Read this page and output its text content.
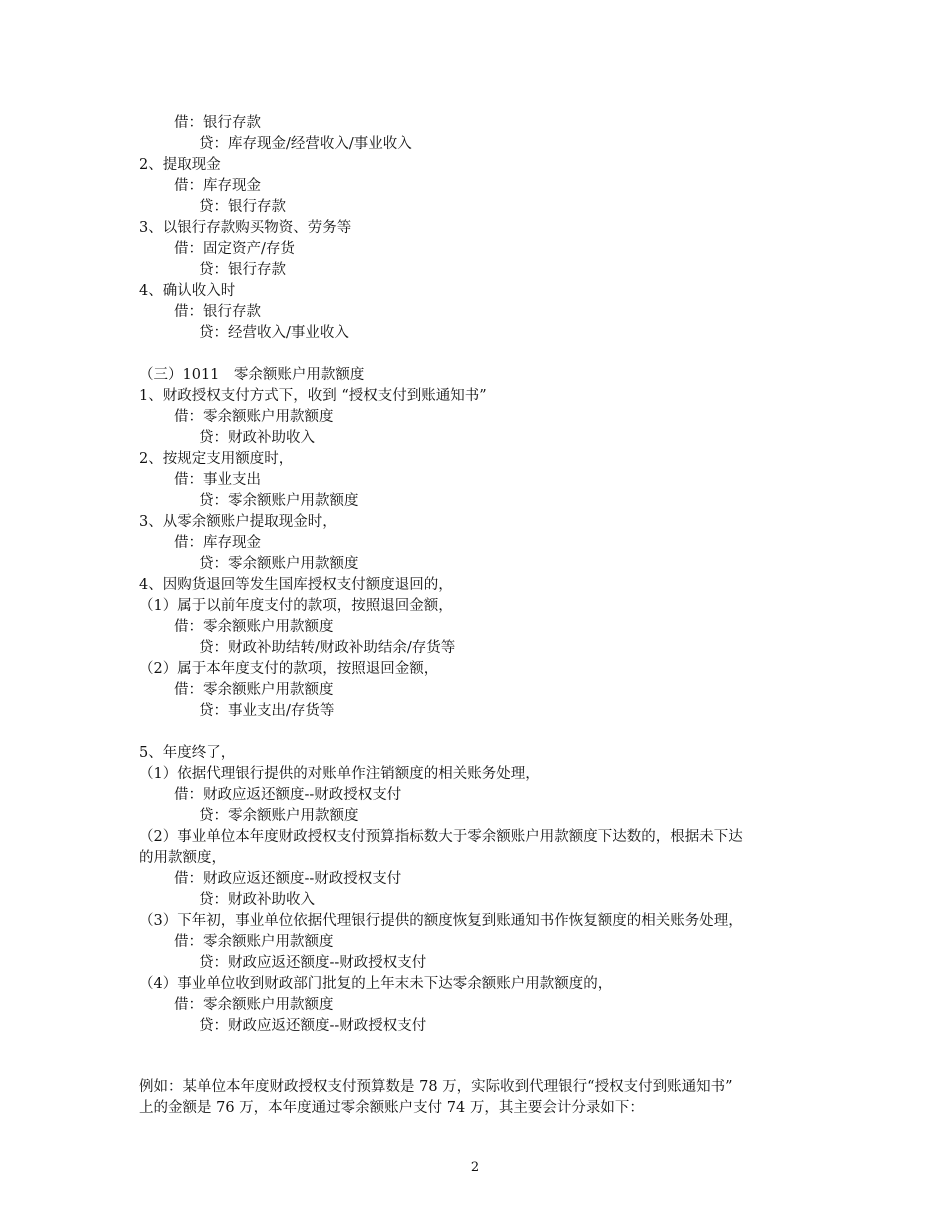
借：银行存款
贷：库存现金/经营收入/事业收入
2、提取现金
借：库存现金
贷：银行存款
3、以银行存款购买物资、劳务等
借：固定资产/存货
贷：银行存款
4、确认收入时
借：银行存款
贷：经营收入/事业收入
（三）1011　零余额账户用款额度
1、财政授权支付方式下，收到 “授权支付到账通知书”
借：零余额账户用款额度
贷：财政补助收入
2、按规定支用额度时，
借：事业支出
贷：零余额账户用款额度
3、从零余额账户提取现金时，
借：库存现金
贷：零余额账户用款额度
4、因购货退回等发生国库授权支付额度退回的，
（1）属于以前年度支付的款项，按照退回金额，
借：零余额账户用款额度
贷：财政补助结转/财政补助结余/存货等
（2）属于本年度支付的款项，按照退回金额，
借：零余额账户用款额度
贷：事业支出/存货等
5、年度终了，
（1）依据代理银行提供的对账单作注销额度的相关账务处理，
借：财政应返还额度--财政授权支付
贷：零余额账户用款额度
（2）事业单位本年度财政授权支付预算指标数大于零余额账户用款额度下达数的，根据未下达
的用款额度，
借：财政应返还额度--财政授权支付
贷：财政补助收入
（3）下年初，事业单位依据代理银行提供的额度恢复到账通知书作恢复额度的相关账务处理，
借：零余额账户用款额度
贷：财政应返还额度--财政授权支付
（4）事业单位收到财政部门批复的上年末未下达零余额账户用款额度的，
借：零余额账户用款额度
贷：财政应返还额度--财政授权支付
例如：某单位本年度财政授权支付预算数是 78 万，实际收到代理银行“授权支付到账通知书”
上的金额是 76 万，本年度通过零余额账户支付 74 万，其主要会计分录如下：
2
